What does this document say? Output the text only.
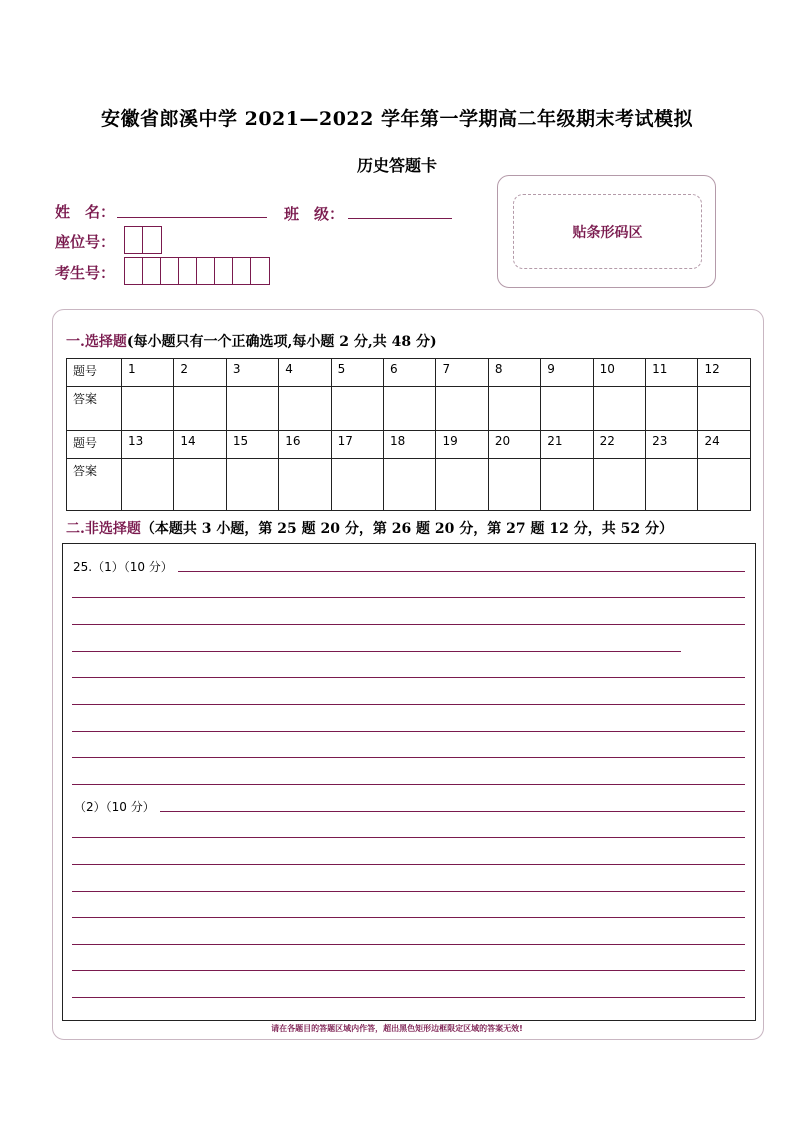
安徽省郎溪中学 2021—2022 学年第一学期高二年级期末考试模拟
历史答题卡
姓　名：	班　级：
座位号：
考生号：
贴条形码区
一.选择题(每小题只有一个正确选项,每小题 2 分,共 48 分)
题号	1	2	3	4	5	6	7	8	9	10	11	12
答案												
题号	13	14	15	16	17	18	19	20	21	22	23	24
答案												
二.非选择题（本题共 3 小题，第 25 题 20 分，第 26 题 20 分，第 27 题 12 分，共 52 分）
25.（1）（10 分）
（2）（10 分）
请在各题目的答题区域内作答，超出黑色矩形边框限定区域的答案无效!
